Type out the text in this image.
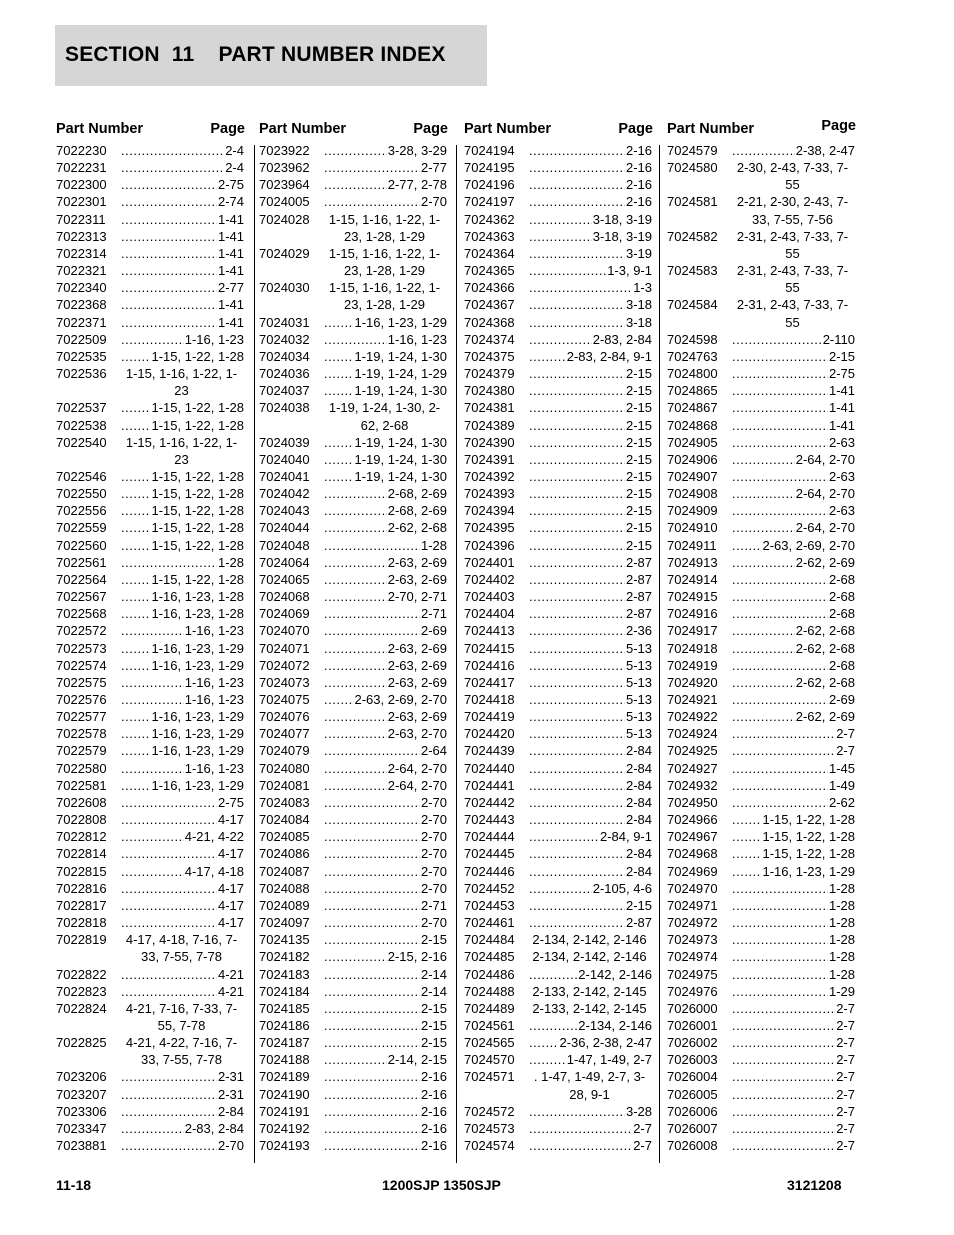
SECTION  11    PART NUMBER INDEX
Part Number	Page
7022230 .....	2-4
7022231 .....	2-4
7022300 .....	2-75
7022301 .....	2-74
7022311 .....	1-41
7022313 .....	1-41
7022314 .....	1-41
7022321 .....	1-41
7022340 .....	2-77
7022368 .....	1-41
7022371 .....	1-41
7022509 .....	1-16, 1-23
7022535 .....	1-15, 1-22, 1-28
7022536	1-15, 1-16, 1-22, 1-23
7022537 .....	1-15, 1-22, 1-28
7022538 .....	1-15, 1-22, 1-28
7022540	1-15, 1-16, 1-22, 1-23
7022546 .....	1-15, 1-22, 1-28
7022550 .....	1-15, 1-22, 1-28
7022556 .....	1-15, 1-22, 1-28
7022559 .....	1-15, 1-22, 1-28
7022560 .....	1-15, 1-22, 1-28
7022561 .....	1-28
7022564 .....	1-15, 1-22, 1-28
7022567 .....	1-16, 1-23, 1-28
7022568 .....	1-16, 1-23, 1-28
7022572 .....	1-16, 1-23
7022573 .....	1-16, 1-23, 1-29
7022574 .....	1-16, 1-23, 1-29
7022575 .....	1-16, 1-23
7022576 .....	1-16, 1-23
7022577 .....	1-16, 1-23, 1-29
7022578 .....	1-16, 1-23, 1-29
7022579 .....	1-16, 1-23, 1-29
7022580 .....	1-16, 1-23
7022581 .....	1-16, 1-23, 1-29
7022608 .....	2-75
7022808 .....	4-17
7022812 .....	4-21, 4-22
7022814 .....	4-17
7022815 .....	4-17, 4-18
7022816 .....	4-17
7022817 .....	4-17
7022818 .....	4-17
7022819	4-17, 4-18, 7-16, 7-33, 7-55, 7-78
7022822 .....	4-21
7022823 .....	4-21
7022824	4-21, 7-16, 7-33, 7-55, 7-78
7022825	4-21, 4-22, 7-16, 7-33, 7-55, 7-78
7023206 .....	2-31
7023207 .....	2-31
7023306 .....	2-84
7023347 .....	2-83, 2-84
7023881 .....	2-70
Part Number	Page
7023922 .....	3-28, 3-29
7023962 .....	2-77
7023964 .....	2-77, 2-78
7024005 .....	2-70
7024028	1-15, 1-16, 1-22, 1-23, 1-28, 1-29
7024029	1-15, 1-16, 1-22, 1-23, 1-28, 1-29
7024030	1-15, 1-16, 1-22, 1-23, 1-28, 1-29
7024031 .....	1-16, 1-23, 1-29
7024032 .....	1-16, 1-23
7024034 .....	1-19, 1-24, 1-30
7024036 .....	1-19, 1-24, 1-29
7024037 .....	1-19, 1-24, 1-30
7024038	1-19, 1-24, 1-30, 2-62, 2-68
7024039 .....	1-19, 1-24, 1-30
7024040 .....	1-19, 1-24, 1-30
7024041 .....	1-19, 1-24, 1-30
7024042 .....	2-68, 2-69
7024043 .....	2-68, 2-69
7024044 .....	2-62, 2-68
7024048 .....	1-28
7024064 .....	2-63, 2-69
7024065 .....	2-63, 2-69
7024068 .....	2-70, 2-71
7024069 .....	2-71
7024070 .....	2-69
7024071 .....	2-63, 2-69
7024072 .....	2-63, 2-69
7024073 .....	2-63, 2-69
7024075 .....	2-63, 2-69, 2-70
7024076 .....	2-63, 2-69
7024077 .....	2-63, 2-70
7024079 .....	2-64
7024080 .....	2-64, 2-70
7024081 .....	2-64, 2-70
7024083 .....	2-70
7024084 .....	2-70
7024085 .....	2-70
7024086 .....	2-70
7024087 .....	2-70
7024088 .....	2-70
7024089 .....	2-71
7024097 .....	2-70
7024135 .....	2-15
7024182 .....	2-15, 2-16
7024183 .....	2-14
7024184 .....	2-14
7024185 .....	2-15
7024186 .....	2-15
7024187 .....	2-15
7024188 .....	2-14, 2-15
7024189 .....	2-16
7024190 .....	2-16
7024191 .....	2-16
7024192 .....	2-16
7024193 .....	2-16
Part Number	Page
7024194 .....	2-16
7024195 .....	2-16
7024196 .....	2-16
7024197 .....	2-16
7024362 .....	3-18, 3-19
7024363 .....	3-18, 3-19
7024364 .....	3-19
7024365 .....	1-3, 9-1
7024366 .....	1-3
7024367 .....	3-18
7024368 .....	3-18
7024374 .....	2-83, 2-84
7024375 .....	2-83, 2-84, 9-1
7024379 .....	2-15
7024380 .....	2-15
7024381 .....	2-15
7024389 .....	2-15
7024390 .....	2-15
7024391 .....	2-15
7024392 .....	2-15
7024393 .....	2-15
7024394 .....	2-15
7024395 .....	2-15
7024396 .....	2-15
7024401 .....	2-87
7024402 .....	2-87
7024403 .....	2-87
7024404 .....	2-87
7024413 .....	2-36
7024415 .....	5-13
7024416 .....	5-13
7024417 .....	5-13
7024418 .....	5-13
7024419 .....	5-13
7024420 .....	5-13
7024439 .....	2-84
7024440 .....	2-84
7024441 .....	2-84
7024442 .....	2-84
7024443 .....	2-84
7024444 .....	2-84, 9-1
7024445 .....	2-84
7024446 .....	2-84
7024452 .....	2-105, 4-6
7024453 .....	2-15
7024461 .....	2-87
7024484 2-134, 2-142, 2-146
7024485 2-134, 2-142, 2-146
7024486 .....	2-142, 2-146
7024488 2-133, 2-142, 2-145
7024489 2-133, 2-142, 2-145
7024561 .....	2-134, 2-146
7024565 .....	2-36, 2-38, 2-47
7024570 .....	1-47, 1-49, 2-7
7024571	. 1-47, 1-49, 2-7, 3-28, 9-1
7024572 .....	3-28
7024573 .....	2-7
7024574 .....	2-7
Part Number	Page
7024579 .....	2-38, 2-47
7024580	2-30, 2-43, 7-33, 7-55
7024581	2-21, 2-30, 2-43, 7-33, 7-55, 7-56
7024582	2-31, 2-43, 7-33, 7-55
7024583	2-31, 2-43, 7-33, 7-55
7024584	2-31, 2-43, 7-33, 7-55
7024598 .....	2-110
7024763 .....	2-15
7024800 .....	2-75
7024865 .....	1-41
7024867 .....	1-41
7024868 .....	1-41
7024905 .....	2-63
7024906 .....	2-64, 2-70
7024907 .....	2-63
7024908 .....	2-64, 2-70
7024909 .....	2-63
7024910 .....	2-64, 2-70
7024911 .....	2-63, 2-69, 2-70
7024913 .....	2-62, 2-69
7024914 .....	2-68
7024915 .....	2-68
7024916 .....	2-68
7024917 .....	2-62, 2-68
7024918 .....	2-62, 2-68
7024919 .....	2-68
7024920 .....	2-62, 2-68
7024921 .....	2-69
7024922 .....	2-62, 2-69
7024924 .....	2-7
7024925 .....	2-7
7024927 .....	1-45
7024932 .....	1-49
7024950 .....	2-62
7024966 .....	1-15, 1-22, 1-28
7024967 .....	1-15, 1-22, 1-28
7024968 .....	1-15, 1-22, 1-28
7024969 .....	1-16, 1-23, 1-29
7024970 .....	1-28
7024971 .....	1-28
7024972 .....	1-28
7024973 .....	1-28
7024974 .....	1-28
7024975 .....	1-28
7024976 .....	1-29
7026000 .....	2-7
7026001 .....	2-7
7026002 .....	2-7
7026003 .....	2-7
7026004 .....	2-7
7026005 .....	2-7
7026006 .....	2-7
7026007 .....	2-7
7026008 .....	2-7
11-18	1200SJP 1350SJP	3121208
